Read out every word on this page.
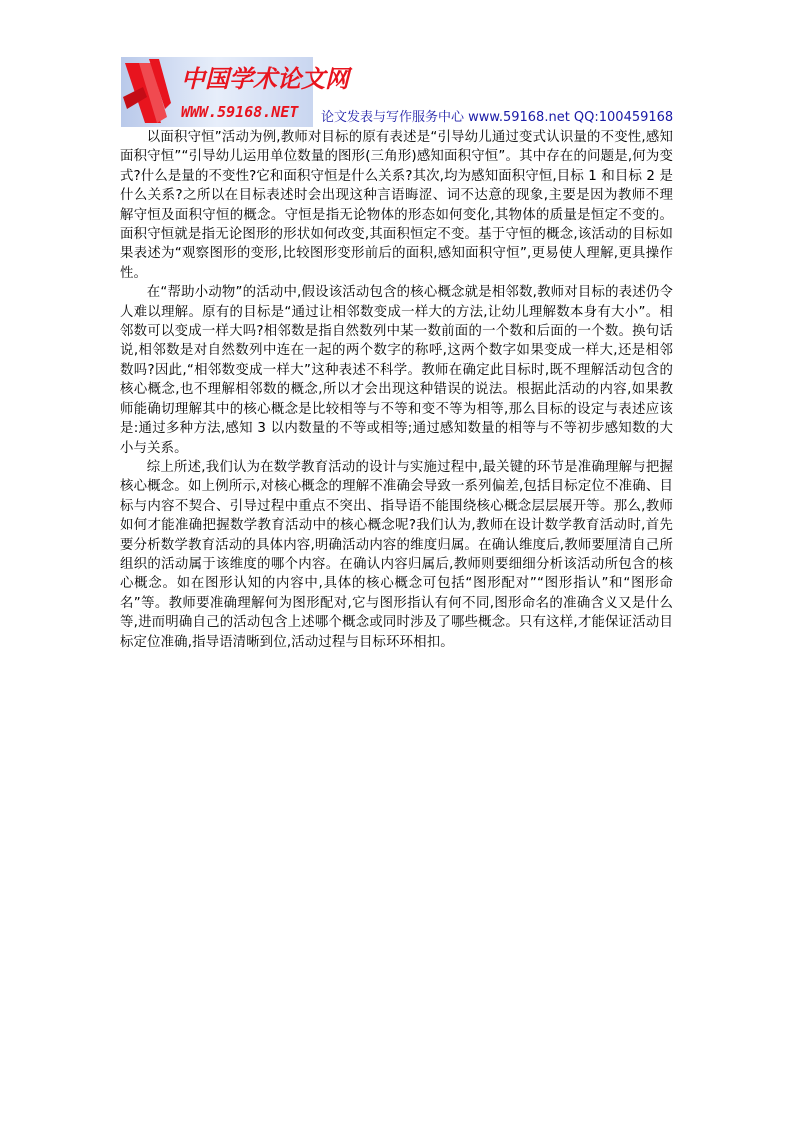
中国学术论文网
WWW.59168.NET 论文发表与写作服务中心 www.59168.net QQ:100459168

以面积守恒”活动为例,教师对目标的原有表述是“引导幼儿通过变式认识量的不变性,感知面积守恒”“引导幼儿运用单位数量的图形(三角形)感知面积守恒”。其中存在的问题是,何为变式?什么是量的不变性?它和面积守恒是什么关系?其次,均为感知面积守恒,目标 1 和目标 2 是什么关系?之所以在目标表述时会出现这种言语晦涩、词不达意的现象,主要是因为教师不理解守恒及面积守恒的概念。守恒是指无论物体的形态如何变化,其物体的质量是恒定不变的。面积守恒就是指无论图形的形状如何改变,其面积恒定不变。基于守恒的概念,该活动的目标如果表述为“观察图形的变形,比较图形变形前后的面积,感知面积守恒”,更易使人理解,更具操作性。

在“帮助小动物”的活动中,假设该活动包含的核心概念就是相邻数,教师对目标的表述仍令人难以理解。原有的目标是“通过让相邻数变成一样大的方法,让幼儿理解数本身有大小”。相邻数可以变成一样大吗?相邻数是指自然数列中某一数前面的一个数和后面的一个数。换句话说,相邻数是对自然数列中连在一起的两个数字的称呼,这两个数字如果变成一样大,还是相邻数吗?因此,“相邻数变成一样大”这种表述不科学。教师在确定此目标时,既不理解活动包含的核心概念,也不理解相邻数的概念,所以才会出现这种错误的说法。根据此活动的内容,如果教师能确切理解其中的核心概念是比较相等与不等和变不等为相等,那么目标的设定与表述应该是:通过多种方法,感知 3 以内数量的不等或相等;通过感知数量的相等与不等初步感知数的大小与关系。

综上所述,我们认为在数学教育活动的设计与实施过程中,最关键的环节是准确理解与把握核心概念。如上例所示,对核心概念的理解不准确会导致一系列偏差,包括目标定位不准确、目标与内容不契合、引导过程中重点不突出、指导语不能围绕核心概念层层展开等。那么,教师如何才能准确把握数学教育活动中的核心概念呢?我们认为,教师在设计数学教育活动时,首先要分析数学教育活动的具体内容,明确活动内容的维度归属。在确认维度后,教师要厘清自己所组织的活动属于该维度的哪个内容。在确认内容归属后,教师则要细细分析该活动所包含的核心概念。如在图形认知的内容中,具体的核心概念可包括“图形配对”“图形指认”和“图形命名”等。教师要准确理解何为图形配对,它与图形指认有何不同,图形命名的准确含义又是什么等,进而明确自己的活动包含上述哪个概念或同时涉及了哪些概念。只有这样,才能保证活动目标定位准确,指导语清晰到位,活动过程与目标环环相扣。
